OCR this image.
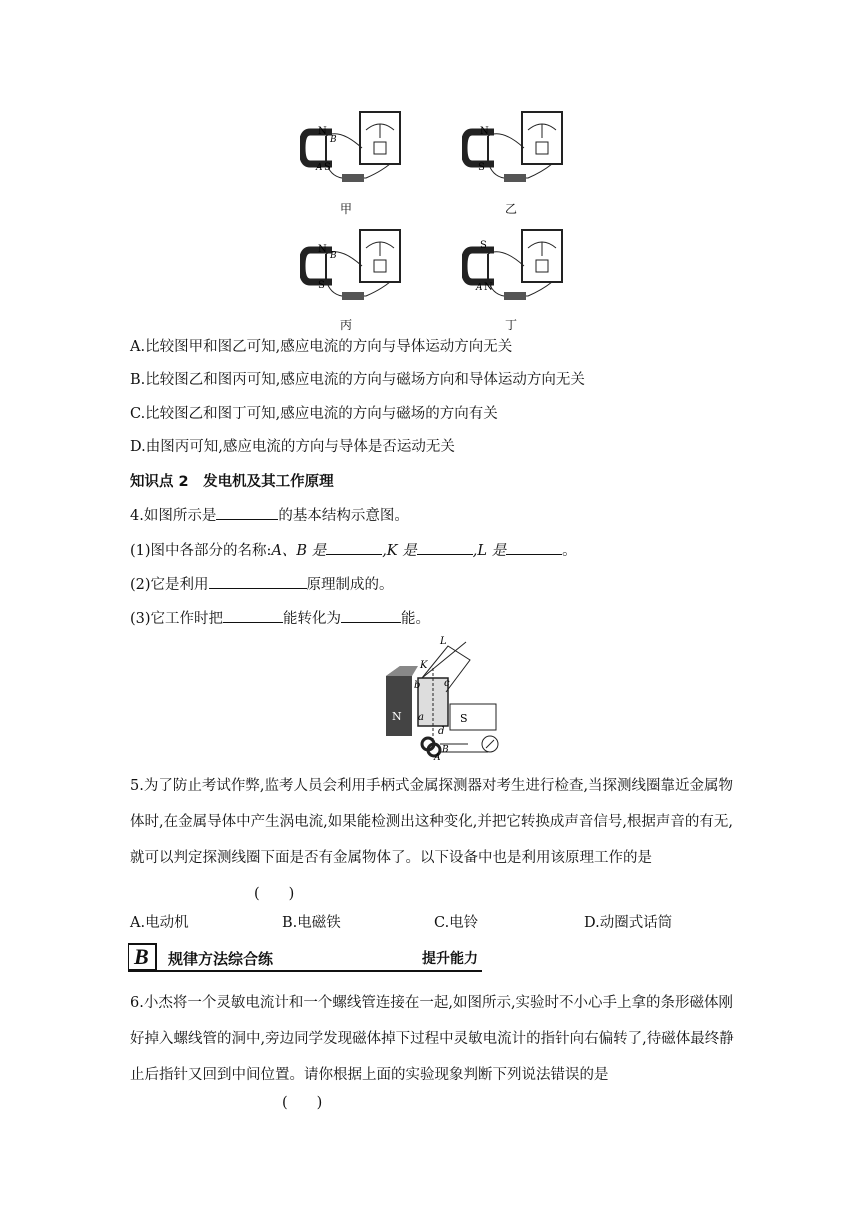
N
B
A S
甲
N
S
乙
N
B
S
丙
S
A N
丁
A.比较图甲和图乙可知,感应电流的方向与导体运动方向无关
B.比较图乙和图丙可知,感应电流的方向与磁场方向和导体运动方向无关
C.比较图乙和图丁可知,感应电流的方向与磁场的方向有关
D.由图丙可知,感应电流的方向与导体是否运动无关
知识点 2　发电机及其工作原理
4.如图所示是	的基本结构示意图。
(1)图中各部分的名称:A、B 是	,K 是	,L 是	。
(2)它是利用	原理制成的。
(3)它工作时把	能转化为	能。
L
K
b c
N	S
a
d
B
A
5.为了防止考试作弊,监考人员会利用手柄式金属探测器对考生进行检查,当探测线圈靠近金属物体时,在金属导体中产生涡电流,如果能检测出这种变化,并把它转换成声音信号,根据声音的有无,就可以判定探测线圈下面是否有金属物体了。以下设备中也是利用该原理工作的是(　　)
A.电动机	B.电磁铁	C.电铃	D.动圈式话筒
B 规律方法综合练	提升能力
6.小杰将一个灵敏电流计和一个螺线管连接在一起,如图所示,实验时不小心手上拿的条形磁体刚好掉入螺线管的洞中,旁边同学发现磁体掉下过程中灵敏电流计的指针向右偏转了,待磁体最终静止后指针又回到中间位置。请你根据上面的实验现象判断下列说法错误的是
(　　)
